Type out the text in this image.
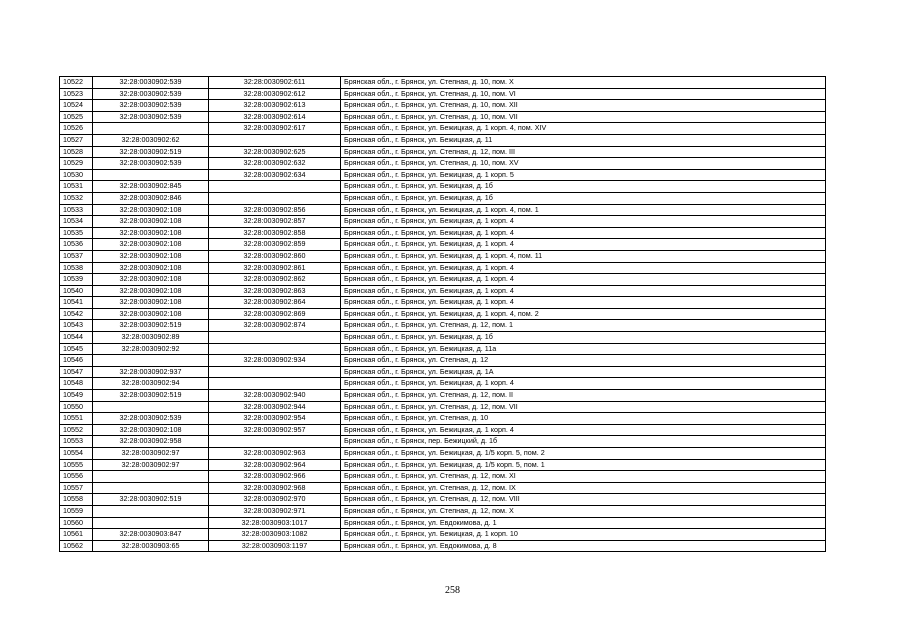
10522	32:28:0030902:539	32:28:0030902:611	Брянская обл., г. Брянск, ул. Степная, д. 10, пом. X
10523	32:28:0030902:539	32:28:0030902:612	Брянская обл., г. Брянск, ул. Степная, д. 10, пом. VI
10524	32:28:0030902:539	32:28:0030902:613	Брянская обл., г. Брянск, ул. Степная, д. 10, пом. XII
10525	32:28:0030902:539	32:28:0030902:614	Брянская обл., г. Брянск, ул. Степная, д. 10, пом. VII
10526		32:28:0030902:617	Брянская обл., г. Брянск, ул. Бежицкая, д. 1 корп. 4, пом. XIV
10527	32:28:0030902:62		Брянская обл., г. Брянск, ул. Бежицкая, д. 11
10528	32:28:0030902:519	32:28:0030902:625	Брянская обл., г. Брянск, ул. Степная, д. 12, пом. III
10529	32:28:0030902:539	32:28:0030902:632	Брянская обл., г. Брянск, ул. Степная, д. 10, пом. XV
10530		32:28:0030902:634	Брянская обл., г. Брянск, ул. Бежицкая, д. 1 корп. 5
10531	32:28:0030902:845		Брянская обл., г. Брянск, ул. Бежицкая, д. 1б
10532	32:28:0030902:846		Брянская обл., г. Брянск, ул. Бежицкая, д. 1б
10533	32:28:0030902:108	32:28:0030902:856	Брянская обл., г. Брянск, ул. Бежицкая, д. 1 корп. 4, пом. 1
10534	32:28:0030902:108	32:28:0030902:857	Брянская обл., г. Брянск, ул. Бежицкая, д. 1 корп. 4
10535	32:28:0030902:108	32:28:0030902:858	Брянская обл., г. Брянск, ул. Бежицкая, д. 1 корп. 4
10536	32:28:0030902:108	32:28:0030902:859	Брянская обл., г. Брянск, ул. Бежицкая, д. 1 корп. 4
10537	32:28:0030902:108	32:28:0030902:860	Брянская обл., г. Брянск, ул. Бежицкая, д. 1 корп. 4, пом. 11
10538	32:28:0030902:108	32:28:0030902:861	Брянская обл., г. Брянск, ул. Бежицкая, д. 1 корп. 4
10539	32:28:0030902:108	32:28:0030902:862	Брянская обл., г. Брянск, ул. Бежицкая, д. 1 корп. 4
10540	32:28:0030902:108	32:28:0030902:863	Брянская обл., г. Брянск, ул. Бежицкая, д. 1 корп. 4
10541	32:28:0030902:108	32:28:0030902:864	Брянская обл., г. Брянск, ул. Бежицкая, д. 1 корп. 4
10542	32:28:0030902:108	32:28:0030902:869	Брянская обл., г. Брянск, ул. Бежицкая, д. 1 корп. 4, пом. 2
10543	32:28:0030902:519	32:28:0030902:874	Брянская обл., г. Брянск, ул. Степная, д. 12, пом. 1
10544	32:28:0030902:89		Брянская обл., г. Брянск, ул. Бежицкая, д. 1б
10545	32:28:0030902:92		Брянская обл., г. Брянск, ул. Бежицкая, д. 11а
10546		32:28:0030902:934	Брянская обл., г. Брянск, ул. Степная, д. 12
10547	32:28:0030902:937		Брянская обл., г. Брянск, ул. Бежицкая, д. 1А
10548	32:28:0030902:94		Брянская обл., г. Брянск, ул. Бежицкая, д. 1 корп. 4
10549	32:28:0030902:519	32:28:0030902:940	Брянская обл., г. Брянск, ул. Степная, д. 12, пом. II
10550		32:28:0030902:944	Брянская обл., г. Брянск, ул. Степная, д. 12, пом. VII
10551	32:28:0030902:539	32:28:0030902:954	Брянская обл., г. Брянск, ул. Степная, д. 10
10552	32:28:0030902:108	32:28:0030902:957	Брянская обл., г. Брянск, ул. Бежицкая, д. 1 корп. 4
10553	32:28:0030902:958		Брянская обл., г. Брянск, пер. Бежицкий, д. 1б
10554	32:28:0030902:97	32:28:0030902:963	Брянская обл., г. Брянск, ул. Бежицкая, д. 1/5 корп. 5, пом. 2
10555	32:28:0030902:97	32:28:0030902:964	Брянская обл., г. Брянск, ул. Бежицкая, д. 1/5 корп. 5, пом. 1
10556		32:28:0030902:966	Брянская обл., г. Брянск, ул. Степная, д. 12, пом. XI
10557		32:28:0030902:968	Брянская обл., г. Брянск, ул. Степная, д. 12, пом. IX
10558	32:28:0030902:519	32:28:0030902:970	Брянская обл., г. Брянск, ул. Степная, д. 12, пом. VIII
10559		32:28:0030902:971	Брянская обл., г. Брянск, ул. Степная, д. 12, пом. X
10560		32:28:0030903:1017	Брянская обл., г. Брянск, ул. Евдокимова, д. 1
10561	32:28:0030903:847	32:28:0030903:1082	Брянская обл., г. Брянск, ул. Бежицкая, д. 1 корп. 10
10562	32:28:0030903:65	32:28:0030903:1197	Брянская обл., г. Брянск, ул. Евдокимова, д. 8
258
